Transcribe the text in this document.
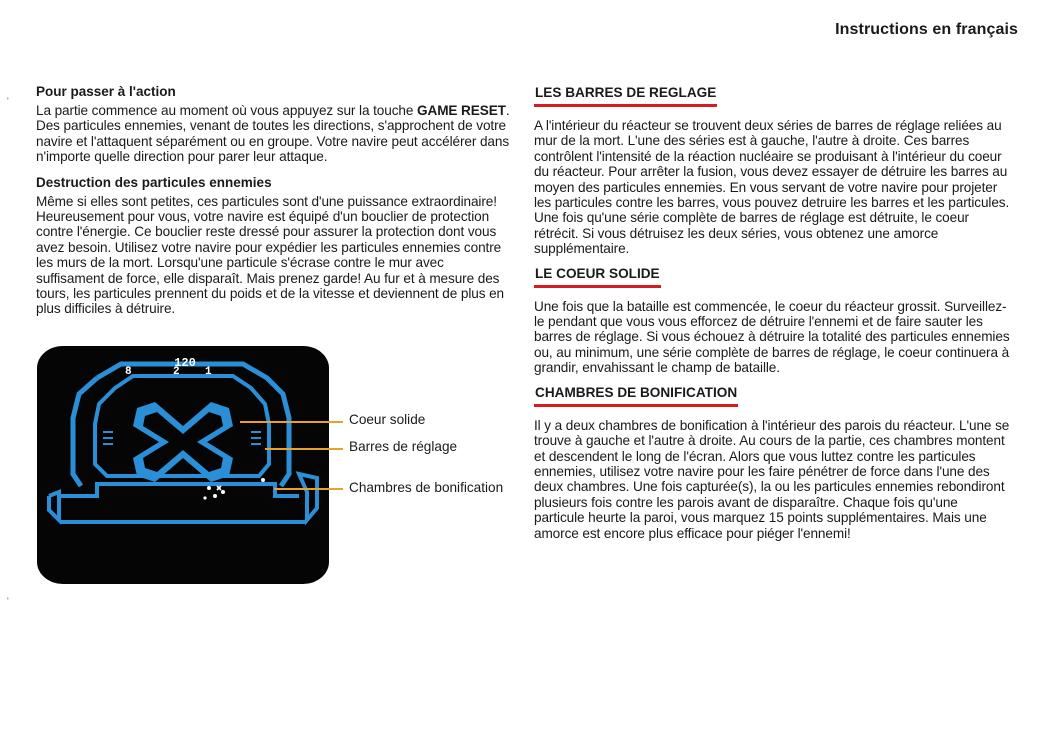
Instructions en français
'
'
Pour passer à l'action

La partie commence au moment où vous appuyez sur la touche GAME RESET. Des particules ennemies, venant de toutes les directions, s'approchent de votre navire et l'attaquent séparément ou en groupe. Votre navire peut accélérer dans n'importe quelle direction pour parer leur attaque.

Destruction des particules ennemies

Même si elles sont petites, ces particules sont d'une puissance extraordinaire! Heureusement pour vous, votre navire est équipé d'un bouclier de protection contre l'énergie. Ce bouclier reste dressé pour assurer la protection dont vous avez besoin. Utilisez votre navire pour expédier les particules ennemies contre les murs de la mort. Lorsqu'une particule s'écrase contre le mur avec suffisament de force, elle disparaît. Mais prenez garde! Au fur et à mesure des tours, les particules prennent du poids et de la vitesse et deviennent de plus en plus difficiles à détruire.

120
8	2 1
Coeur solide
Barres de réglage
Chambres de bonification
LES BARRES DE REGLAGE

A l'intérieur du réacteur se trouvent deux séries de barres de réglage reliées au mur de la mort. L'une des séries est à gauche, l'autre à droite. Ces barres contrôlent l'intensité de la réaction nucléaire se produisant à l'intérieur du coeur du réacteur. Pour arrêter la fusion, vous devez essayer de détruire les barres au moyen des particules ennemies. En vous servant de votre navire pour projeter les particules contre les barres, vous pouvez detruire les barres et les particules. Une fois qu'une série complète de barres de réglage est détruite, le coeur rétrécit. Si vous détruisez les deux séries, vous obtenez une amorce supplémentaire.

LE COEUR SOLIDE

Une fois que la bataille est commencée, le coeur du réacteur grossit. Surveillez-le pendant que vous vous efforcez de détruire l'ennemi et de faire sauter les barres de réglage. Si vous échouez à détruire la totalité des particules ennemies ou, au minimum, une série complète de barres de réglage, le coeur continuera à grandir, envahissant le champ de bataille.

CHAMBRES DE BONIFICATION

Il y a deux chambres de bonification à l'intérieur des parois du réacteur. L'une se trouve à gauche et l'autre à droite. Au cours de la partie, ces chambres montent et descendent le long de l'écran. Alors que vous luttez contre les particules ennemies, utilisez votre navire pour les faire pénétrer de force dans l'une des deux chambres. Une fois capturée(s), la ou les particules ennemies rebondiront plusieurs fois contre les parois avant de disparaître. Chaque fois qu'une particule heurte la paroi, vous marquez 15 points supplémentaires. Mais une amorce est encore plus efficace pour piéger l'ennemi!
